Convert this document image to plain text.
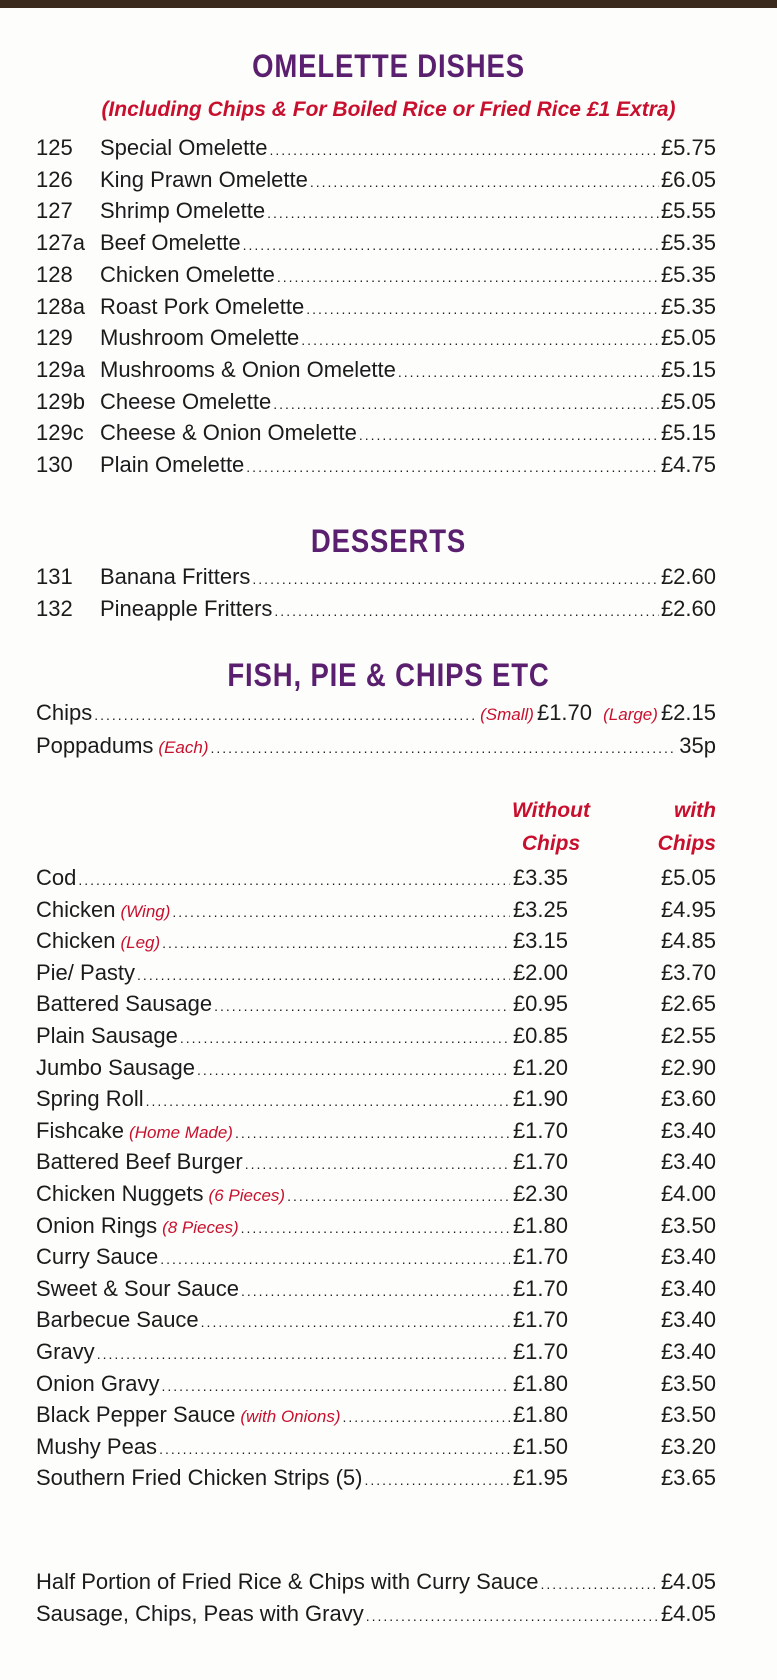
OMELETTE DISHES
(Including Chips & For Boiled Rice or Fried Rice £1 Extra)
125	Special Omelette .....	£5.75
126	King Prawn Omelette .....	£6.05
127	Shrimp Omelette .....	£5.55
127a Beef Omelette .....	£5.35
128	Chicken Omelette .....	£5.35
128a Roast Pork Omelette .....	£5.35
129	Mushroom Omelette .....	£5.05
129a Mushrooms & Onion Omelette .....	£5.15
129b Cheese Omelette .....	£5.05
129c Cheese & Onion Omelette .....	£5.15
130	Plain Omelette .....	£4.75
DESSERTS
131	Banana Fritters .....	£2.60
132	Pineapple Fritters .....	£2.60
FISH, PIE & CHIPS ETC
Chips .....	(Small) £1.70 (Large) £2.15
Poppadums (Each) .....	35p
Without
Chips
with
Chips
Cod .....	£3.35	£5.05
Chicken (Wing) .....	£3.25	£4.95
Chicken (Leg) .....	£3.15	£4.85
Pie/ Pasty .....	£2.00	£3.70
Battered Sausage .....	£0.95	£2.65
Plain Sausage .....	£0.85	£2.55
Jumbo Sausage .....	£1.20	£2.90
Spring Roll .....	£1.90	£3.60
Fishcake (Home Made) .....	£1.70	£3.40
Battered Beef Burger .....	£1.70	£3.40
Chicken Nuggets (6 Pieces) .....	£2.30	£4.00
Onion Rings (8 Pieces) .....	£1.80	£3.50
Curry Sauce .....	£1.70	£3.40
Sweet & Sour Sauce .....	£1.70	£3.40
Barbecue Sauce .....	£1.70	£3.40
Gravy .....	£1.70	£3.40
Onion Gravy .....	£1.80	£3.50
Black Pepper Sauce (with Onions) .....	£1.80	£3.50
Mushy Peas .....	£1.50	£3.20
Southern Fried Chicken Strips (5) .....	£1.95	£3.65
Half Portion of Fried Rice & Chips with Curry Sauce .....	£4.05
Sausage, Chips, Peas with Gravy .....	£4.05
